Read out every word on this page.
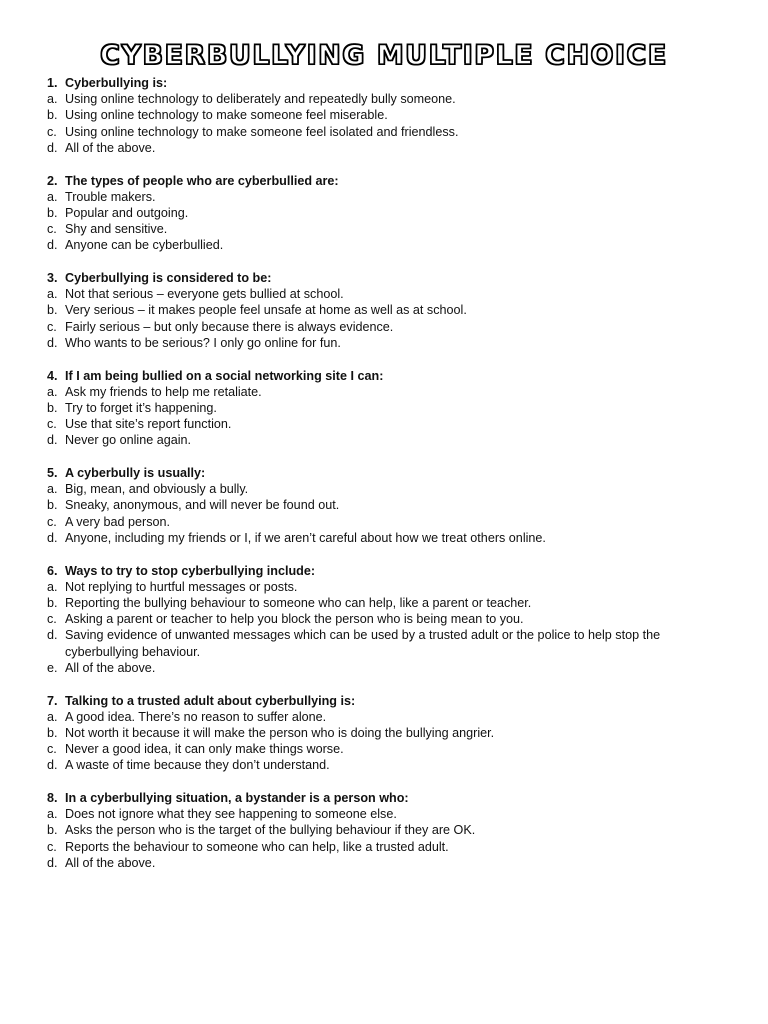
CYBERBULLYING MULTIPLE CHOICE
1. Cyberbullying is:
a. Using online technology to deliberately and repeatedly bully someone.
b. Using online technology to make someone feel miserable.
c. Using online technology to make someone feel isolated and friendless.
d. All of the above.
2. The types of people who are cyberbullied are:
a. Trouble makers.
b. Popular and outgoing.
c. Shy and sensitive.
d. Anyone can be cyberbullied.
3. Cyberbullying is considered to be:
a. Not that serious – everyone gets bullied at school.
b. Very serious – it makes people feel unsafe at home as well as at school.
c. Fairly serious – but only because there is always evidence.
d. Who wants to be serious? I only go online for fun.
4. If I am being bullied on a social networking site I can:
a. Ask my friends to help me retaliate.
b. Try to forget it’s happening.
c. Use that site’s report function.
d. Never go online again.
5. A cyberbully is usually:
a. Big, mean, and obviously a bully.
b. Sneaky, anonymous, and will never be found out.
c. A very bad person.
d. Anyone, including my friends or I, if we aren’t careful about how we treat others online.
6. Ways to try to stop cyberbullying include:
a. Not replying to hurtful messages or posts.
b. Reporting the bullying behaviour to someone who can help, like a parent or teacher.
c. Asking a parent or teacher to help you block the person who is being mean to you.
d. Saving evidence of unwanted messages which can be used by a trusted adult or the police to help stop the cyberbullying behaviour.
e. All of the above.
7. Talking to a trusted adult about cyberbullying is:
a. A good idea. There’s no reason to suffer alone.
b. Not worth it because it will make the person who is doing the bullying angrier.
c. Never a good idea, it can only make things worse.
d. A waste of time because they don’t understand.
8. In a cyberbullying situation, a bystander is a person who:
a. Does not ignore what they see happening to someone else.
b. Asks the person who is the target of the bullying behaviour if they are OK.
c. Reports the behaviour to someone who can help, like a trusted adult.
d. All of the above.
